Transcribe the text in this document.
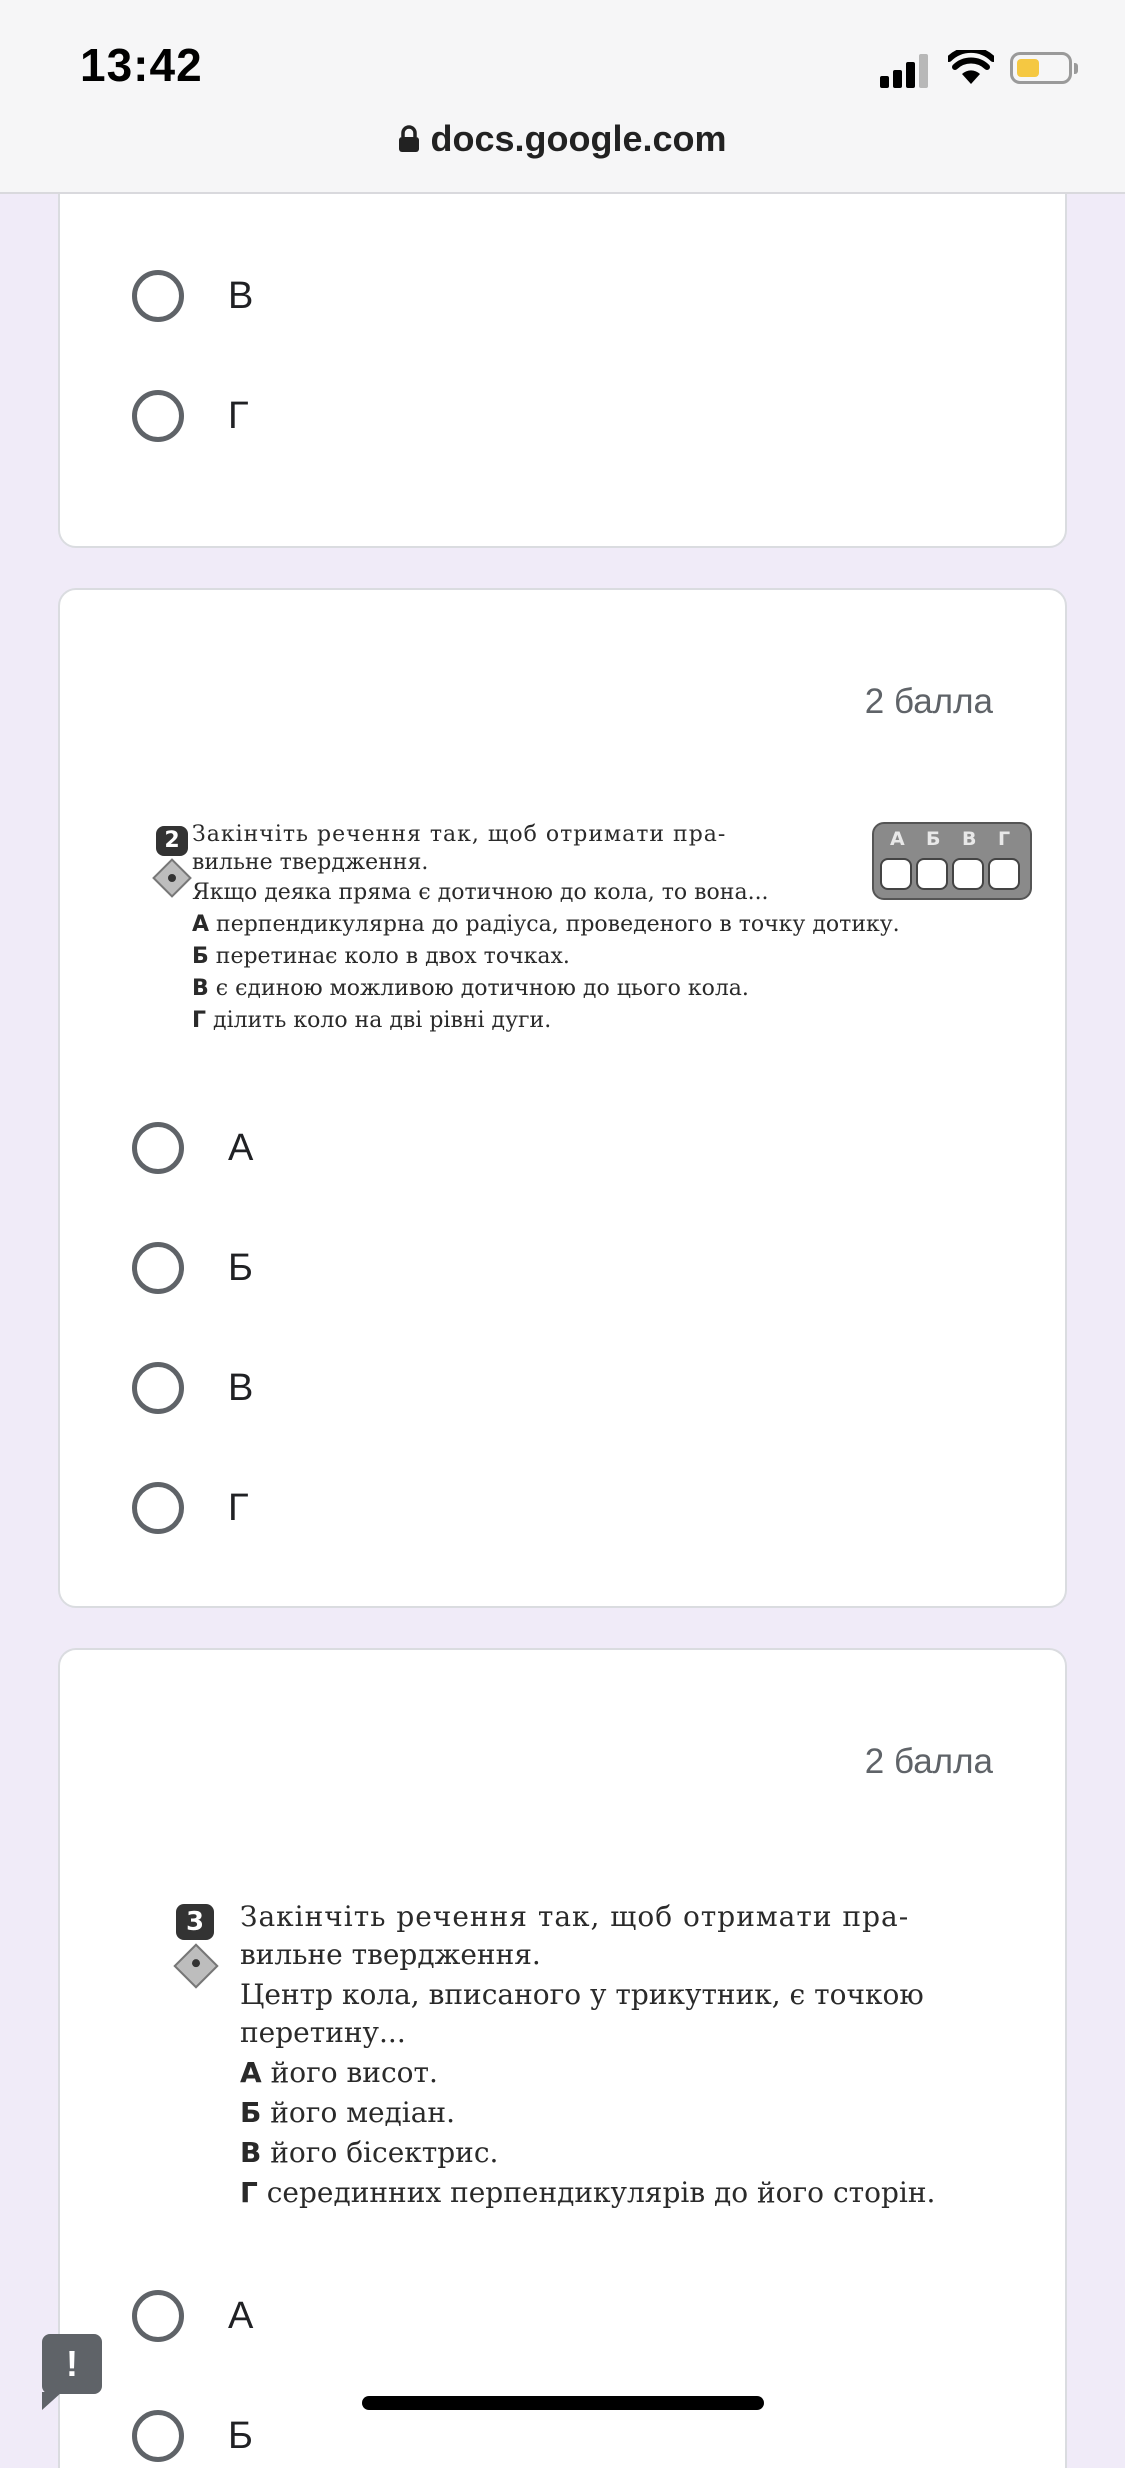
В
Г
2 балла
2 Закінчіть речення так, щоб отримати пра-
вильне твердження.
Якщо деяка пряма є дотичною до кола, то вона...
А перпендикулярна до радіуса, проведеного в точку дотику.
Б перетинає коло в двох точках.
В є єдиною можливою дотичною до цього кола.
Г ділить коло на дві рівні дуги.
А Б В Г
А
Б
В
Г
2 балла
3	Закінчіть речення так, щоб отримати пра-
вильне твердження.
Центр кола, вписаного у трикутник, є точкою
перетину...
А його висот.
Б його медіан.
В його бісектрис.
Г серединних перпендикулярів до його сторін.
А
Б
13:42
docs.google.com
!
